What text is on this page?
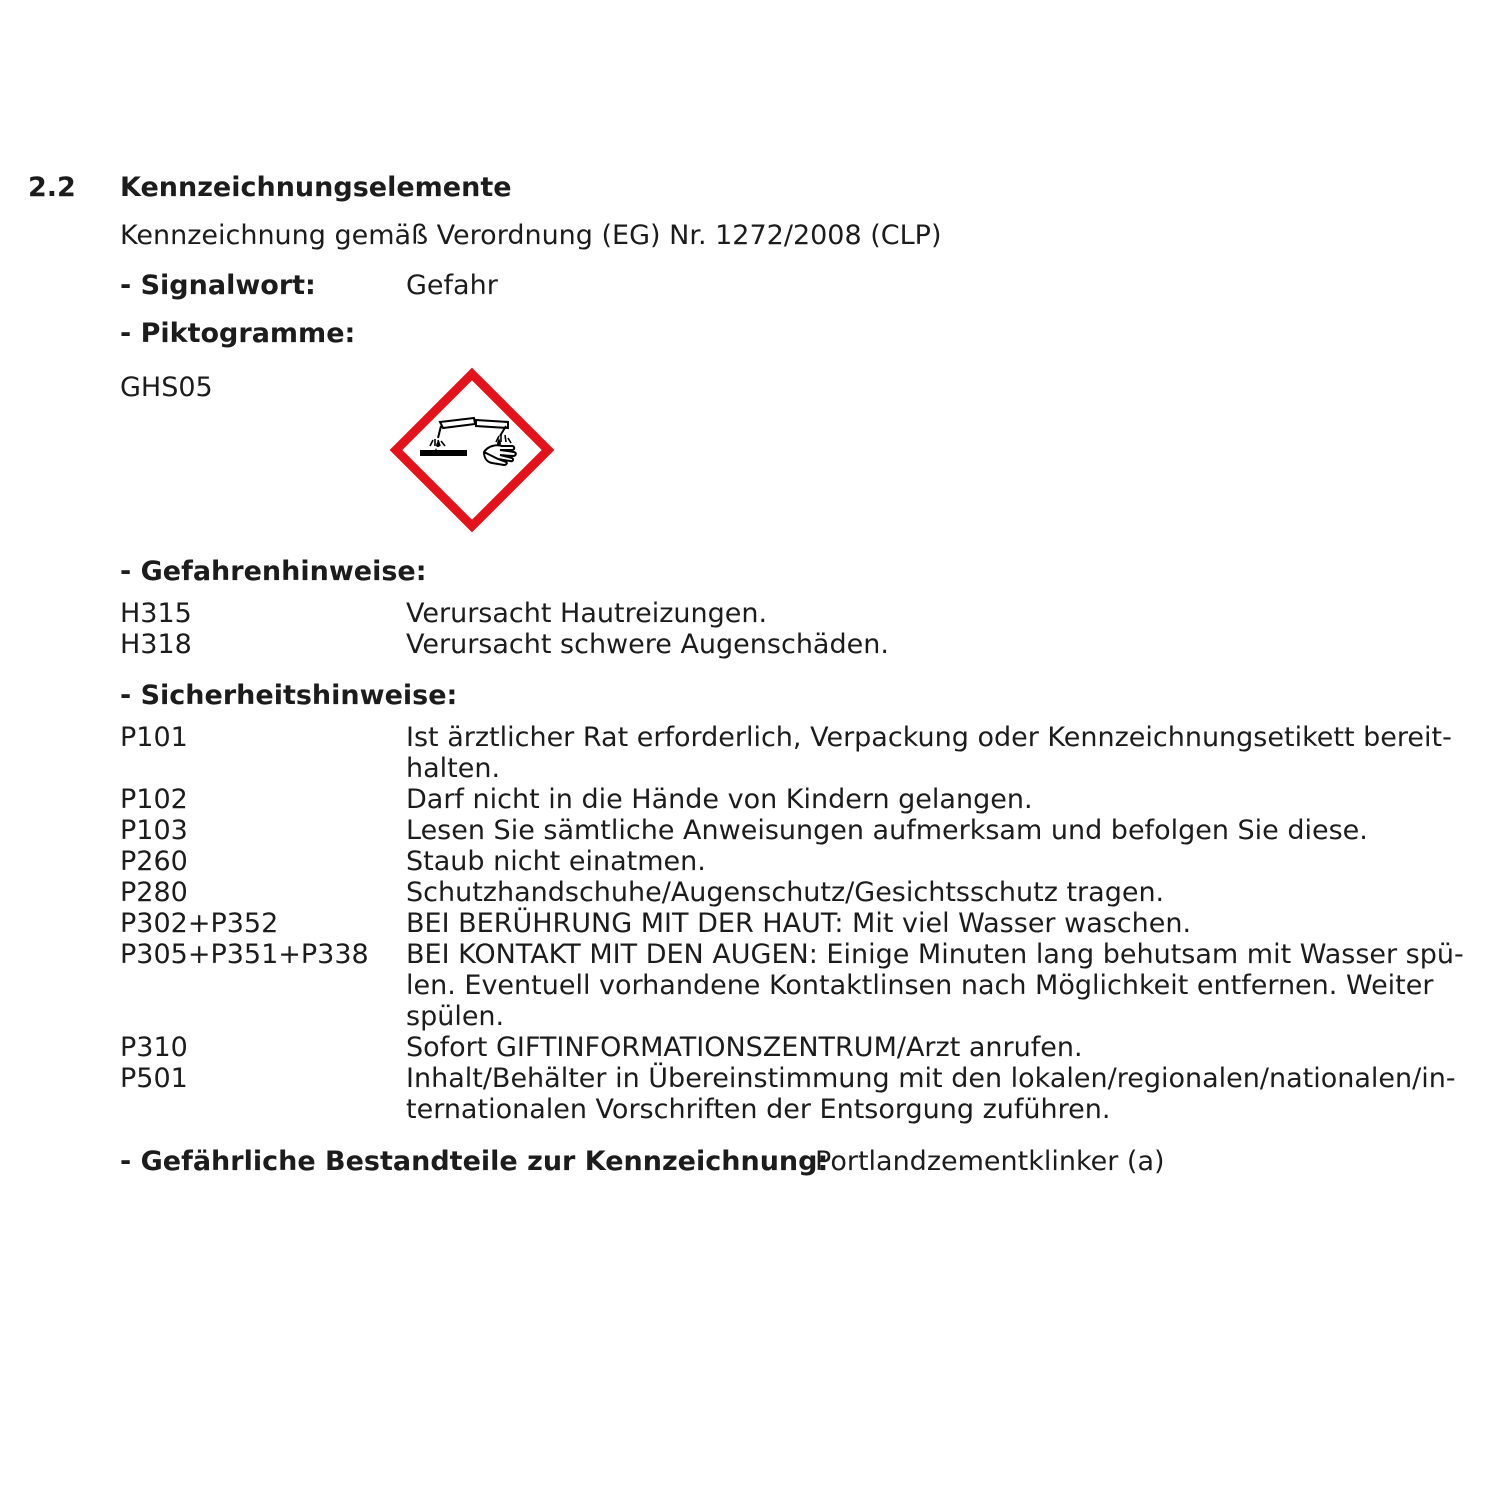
2.2 Kennzeichnungselemente
Kennzeichnung gemäß Verordnung (EG) Nr. 1272/2008 (CLP)
- Signalwort:	Gefahr
- Piktogramme:
GHS05
- Gefahrenhinweise:
H315	Verursacht Hautreizungen.
H318	Verursacht schwere Augenschäden.
- Sicherheitshinweise:
P101	Ist ärztlicher Rat erforderlich, Verpackung oder Kennzeichnungsetikett bereit-
halten.
P102	Darf nicht in die Hände von Kindern gelangen.
P103	Lesen Sie sämtliche Anweisungen aufmerksam und befolgen Sie diese.
P260	Staub nicht einatmen.
P280	Schutzhandschuhe/Augenschutz/Gesichtsschutz tragen.
P302+P352	BEI BERÜHRUNG MIT DER HAUT: Mit viel Wasser waschen.
P305+P351+P338 BEI KONTAKT MIT DEN AUGEN: Einige Minuten lang behutsam mit Wasser spü-
len. Eventuell vorhandene Kontaktlinsen nach Möglichkeit entfernen. Weiter
spülen.
P310	Sofort GIFTINFORMATIONSZENTRUM/Arzt anrufen.
P501	Inhalt/Behälter in Übereinstimmung mit den lokalen/regionalen/nationalen/in-
ternationalen Vorschriften der Entsorgung zuführen.
- Gefährliche Bestandteile zur Kennzeichnung:
Portlandzementklinker (a)
